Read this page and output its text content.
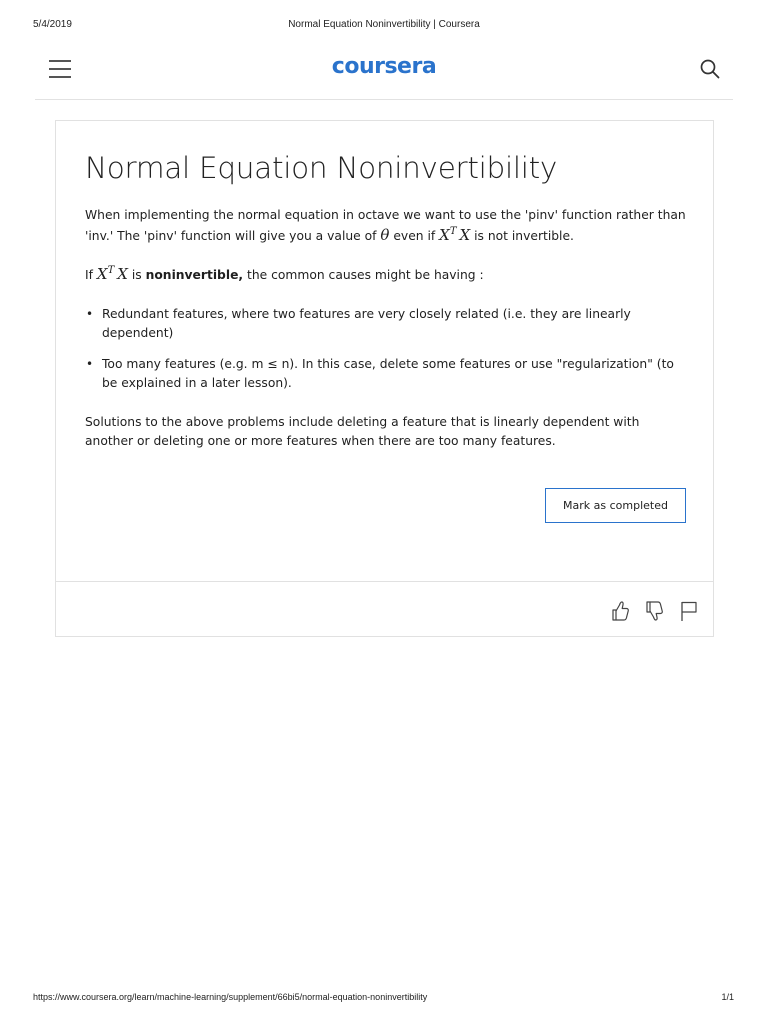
5/4/2019	Normal Equation Noninvertibility | Coursera
coursera
Normal Equation Noninvertibility

When implementing the normal equation in octave we want to use the 'pinv' function rather than 'inv.' The 'pinv' function will give you a value of θ even if $X^T$  X is not invertible.

If $X^T$  X is noninvertible, the common causes might be having :

• Redundant features, where two features are very closely related (i.e. they are linearly dependent)
• Too many features (e.g. m ≤ n). In this case, delete some features or use "regularization" (to be explained in a later lesson).

Solutions to the above problems include deleting a feature that is linearly dependent with another or deleting one or more features when there are too many features.

Mark as completed
https://www.coursera.org/learn/machine-learning/supplement/66bi5/normal-equation-noninvertibility	1/1
